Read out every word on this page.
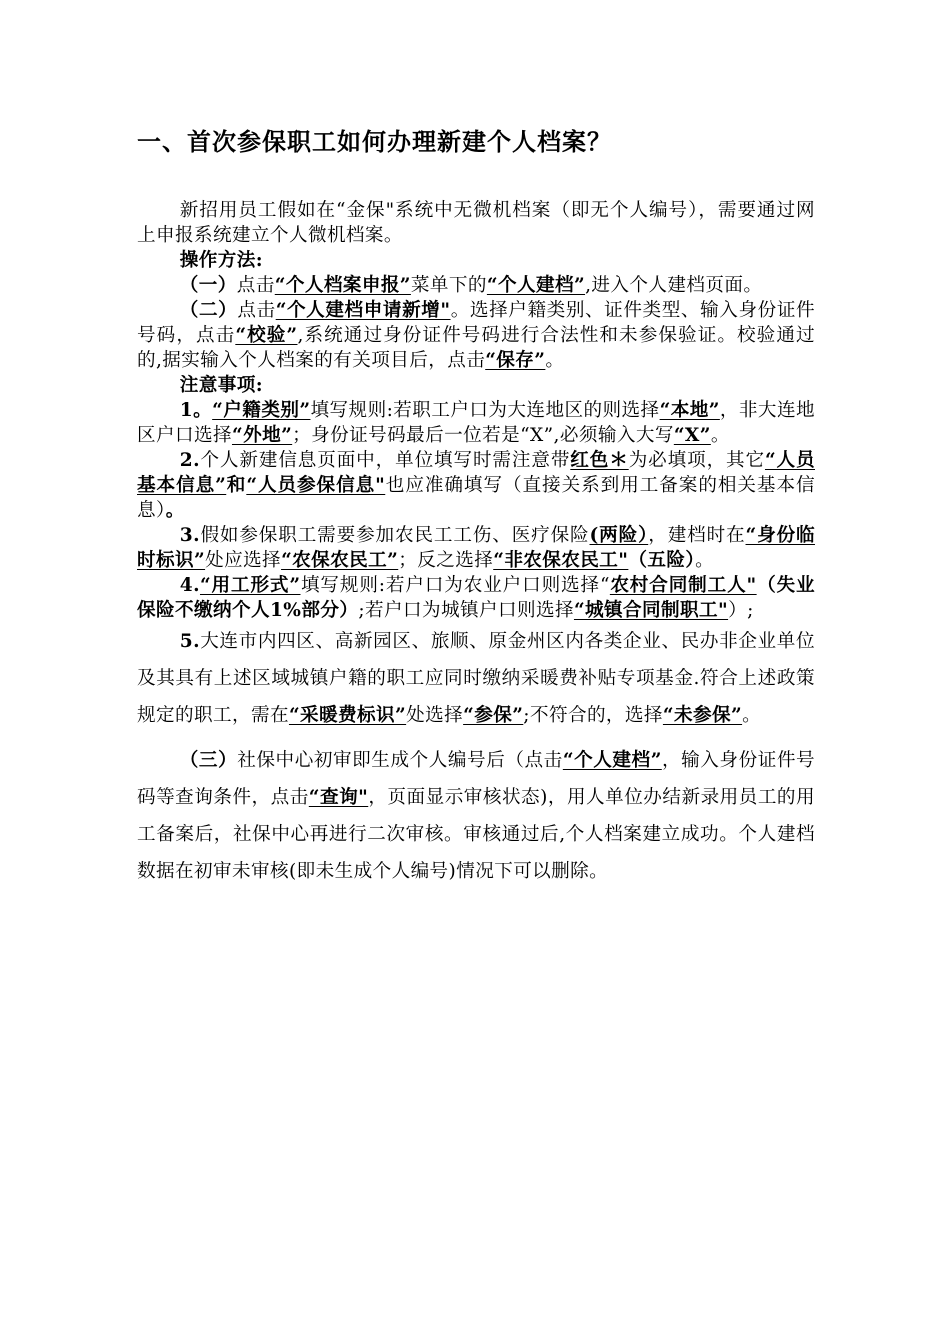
一、首次参保职工如何办理新建个人档案？

新招用员工假如在“金保"系统中无微机档案（即无个人编号），需要通过网上申报系统建立个人微机档案。

操作方法:

（一）点击“个人档案申报”菜单下的“个人建档”,进入个人建档页面。

（二）点击“个人建档申请新增"。选择户籍类别、证件类型、输入身份证件号码，点击“校验”,系统通过身份证件号码进行合法性和未参保验证。校验通过的,据实输入个人档案的有关项目后，点击“保存”。

注意事项:

1。“户籍类别”填写规则:若职工户口为大连地区的则选择“本地”，非大连地区户口选择“外地”；身份证号码最后一位若是“X”,必须输入大写“X”。

2.个人新建信息页面中，单位填写时需注意带红色＊为必填项，其它“人员基本信息”和“人员参保信息"也应准确填写（直接关系到用工备案的相关基本信息）。

3.假如参保职工需要参加农民工工伤、医疗保险(两险），建档时在“身份临时标识”处应选择“农保农民工”；反之选择“非农保农民工"（五险）。

4.“用工形式”填写规则:若户口为农业户口则选择“农村合同制工人"（失业保险不缴纳个人1%部分）;若户口为城镇户口则选择“城镇合同制职工"）;

5.大连市内四区、高新园区、旅顺、原金州区内各类企业、民办非企业单位及其具有上述区域城镇户籍的职工应同时缴纳采暖费补贴专项基金.符合上述政策规定的职工，需在“采暖费标识”处选择“参保”;不符合的，选择“未参保”。

（三）社保中心初审即生成个人编号后（点击“个人建档”，输入身份证件号码等查询条件，点击“查询"，页面显示审核状态)，用人单位办结新录用员工的用工备案后，社保中心再进行二次审核。审核通过后,个人档案建立成功。个人建档数据在初审未审核(即未生成个人编号)情况下可以删除。
